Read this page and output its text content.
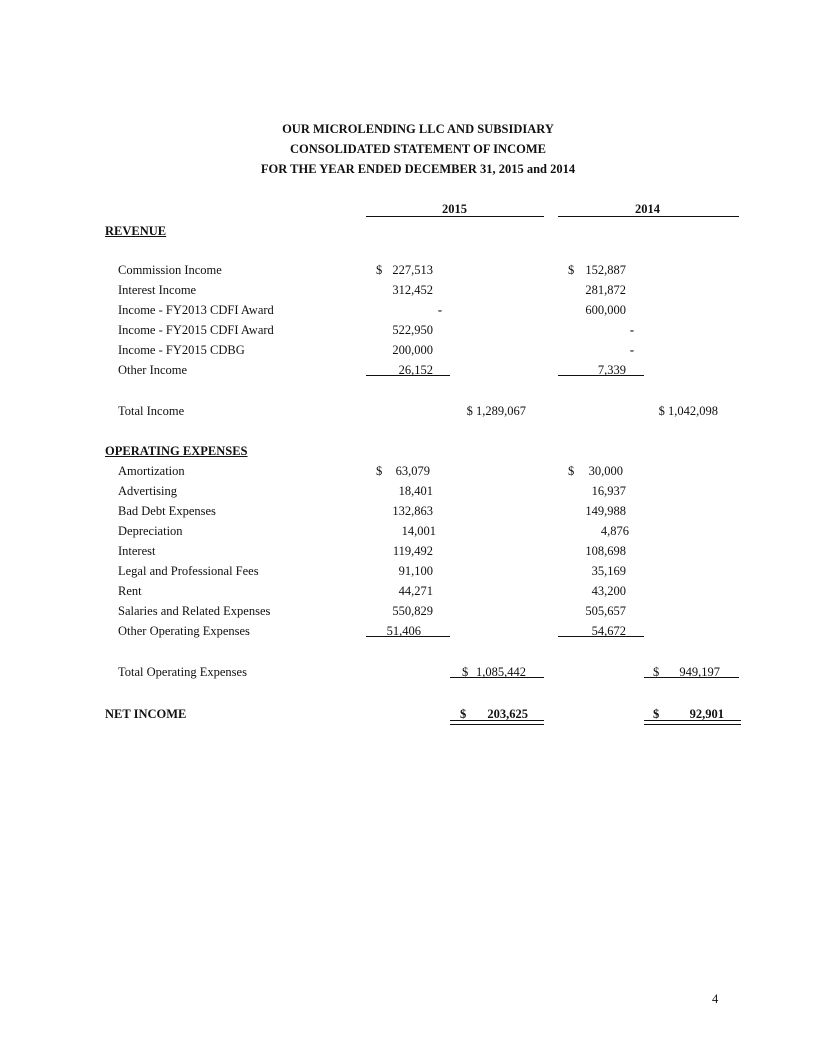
OUR MICROLENDING LLC AND SUBSIDIARY
CONSOLIDATED STATEMENT OF INCOME
FOR THE YEAR ENDED DECEMBER 31, 2015 and 2014
2015	2014
REVENUE
Commission Income	$ 227,513	$ 152,887
Interest Income	312,452	281,872
Income - FY2013 CDFI Award	-	600,000
Income - FY2015 CDFI Award	522,950	-
Income - FY2015 CDBG	200,000	-
Other Income	26,152	7,339
Total Income	$ 1,289,067	$ 1,042,098
OPERATING EXPENSES
Amortization	$ 63,079	$ 30,000
Advertising	18,401	16,937
Bad Debt Expenses	132,863	149,988
Depreciation	14,001	4,876
Interest	119,492	108,698
Legal and Professional Fees	91,100	35,169
Rent	44,271	43,200
Salaries and Related Expenses	550,829	505,657
Other Operating Expenses	51,406	54,672
Total Operating Expenses	$ 1,085,442	$ 949,197
NET INCOME	$ 203,625	$ 92,901
4
